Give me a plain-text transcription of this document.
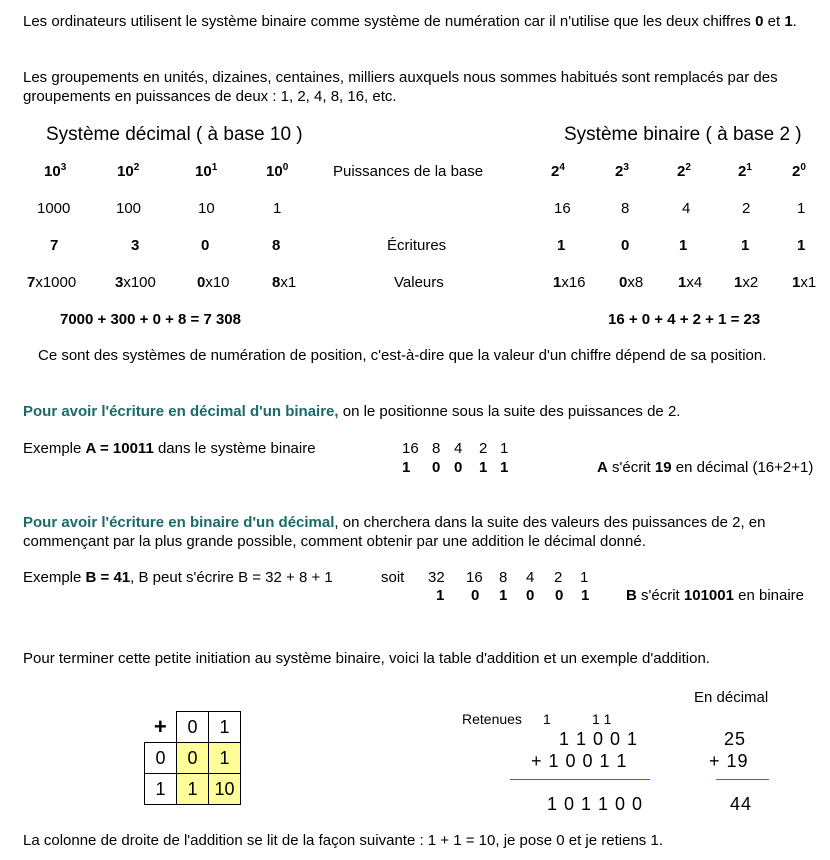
Les ordinateurs utilisent le système binaire comme système de numération car il n'utilise que les deux chiffres 0 et 1.
Les groupements en unités, dizaines, centaines, milliers auxquels nous sommes habitués sont remplacés par des groupements en puissances de deux : 1, 2, 4, 8, 16, etc.
Système décimal ( à base 10 )	Système binaire ( à base 2 )
$10^3$	$10^2$	$10^1$	$10^0$	Puissances de la base	$2^4$	$2^3$	$2^2$	$2^1$	$2^0$
1000	100	10	1	16	8	4	2	1
7	3	0	8	Écritures	1	0	1	1	1
7x1000	3x100	0x10	8x1	Valeurs	1x16 0x8 1x4 1x2 1x1
7000 + 300 + 0 + 8 = 7 308	16 + 0 + 4 + 2 + 1 = 23
Ce sont des systèmes de numération de position, c'est-à-dire que la valeur d'un chiffre dépend de sa position.
Pour avoir l'écriture en décimal d'un binaire, on le positionne sous la suite des puissances de 2.
Exemple A = 10011 dans le système binaire	16 8 4 2 1
1 0 0 1 1	A s'écrit 19 en décimal (16+2+1)
Pour avoir l'écriture en binaire d'un décimal, on cherchera dans la suite des valeurs des puissances de 2, en commençant par la plus grande possible, comment obtenir par une addition le décimal donné.
Exemple B = 41, B peut s'écrire B = 32 + 8 + 1	soit 32 16 8 4 2 1
1 0 1 0 0 1 B s'écrit 101001 en binaire
Pour terminer cette petite initiation au système binaire, voici la table d'addition et un exemple d'addition.
+	0	1
0	0	1
1	1	10
En décimal
Retenues 1	1 1
1 1 0 0 1
+ 1 0 0 1 1
1 0 1 1 0 0
25
+ 19
44
La colonne de droite de l'addition se lit de la façon suivante : 1 + 1 = 10, je pose 0 et je retiens 1.
